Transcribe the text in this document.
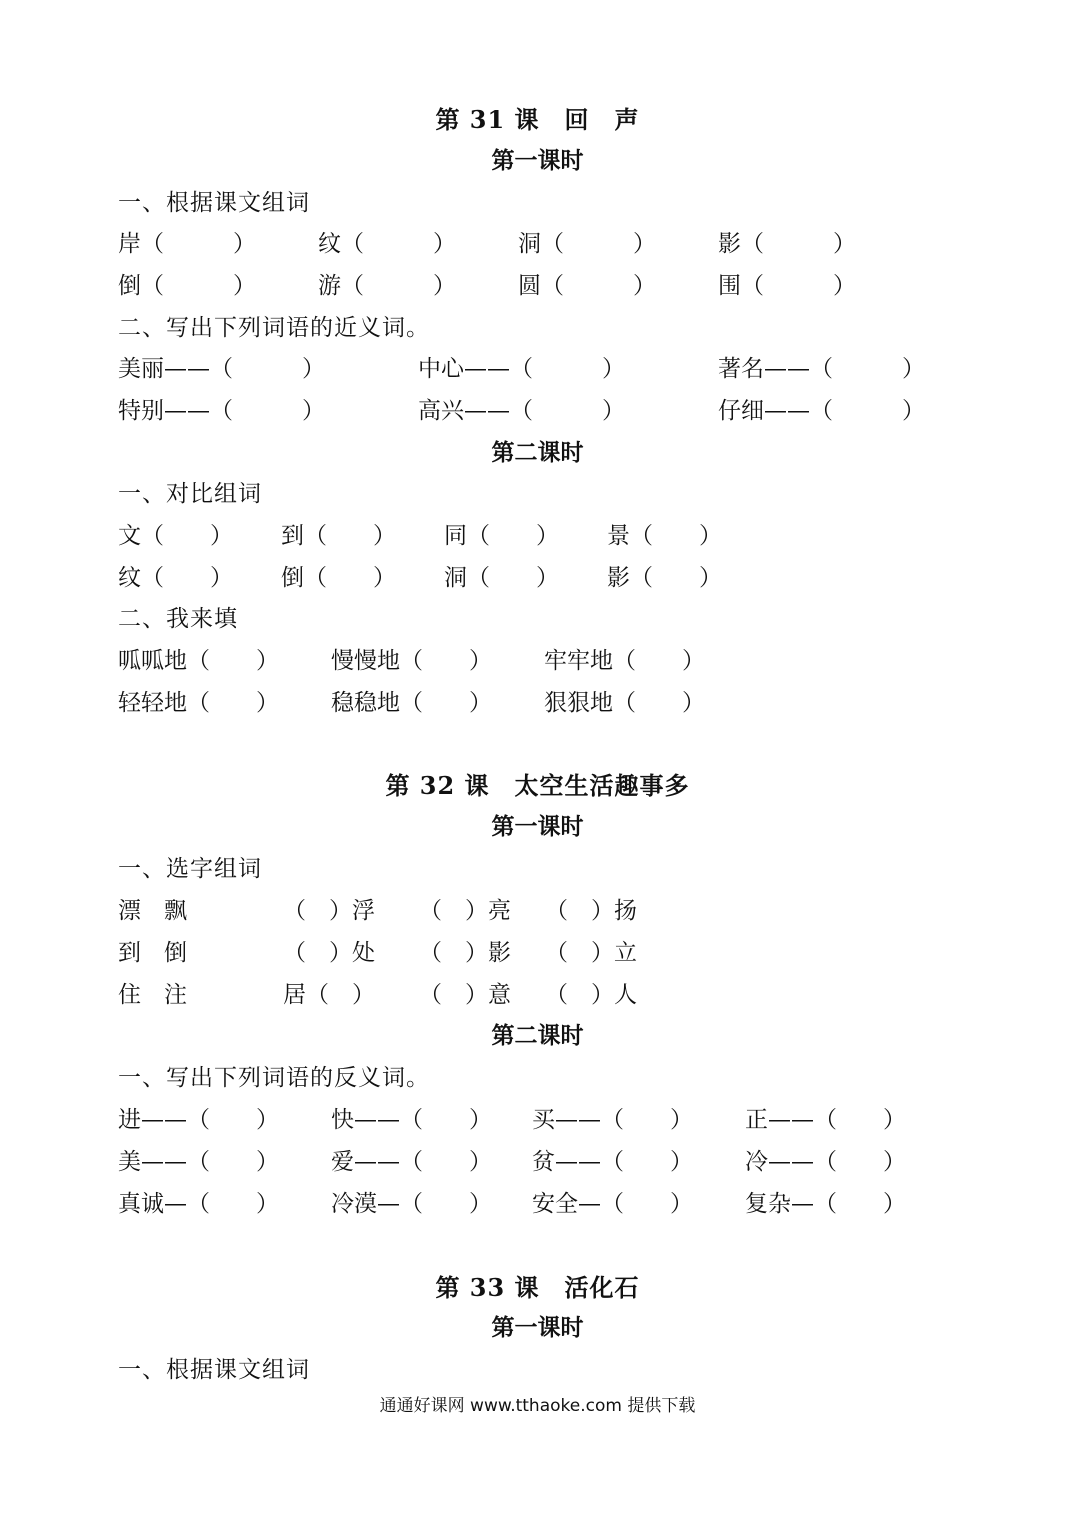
第 31 课　回　声
第一课时
一、根据课文组词
岸（　　　）	纹（　　　）	洞（　　　）	影（　　　）
倒（　　　）	游（　　　）	圆（　　　）	围（　　　）
二、写出下列词语的近义词。
美丽——（　　　）	中心——（　　　）	著名——（　　　）
特别——（　　　）	高兴——（　　　）	仔细——（　　　）
第二课时
一、对比组词
文（　　） 到（　　） 同（　　） 景（　　）
纹（　　） 倒（　　） 洞（　　） 影（　　）
二、我来填
呱呱地（　　） 慢慢地（　　） 牢牢地（　　）
轻轻地（　　） 稳稳地（　　） 狠狠地（　　）
第 32 课　太空生活趣事多
第一课时
一、选字组词
漂　飘	（　）浮 （　）亮 （　）扬
到　倒	（　）处 （　）影 （　）立
住　注	居（　） （　）意 （　）人
第二课时
一、写出下列词语的反义词。
进——（　　） 快——（　　） 买——（　　） 正——（　　）
美——（　　） 爱——（　　） 贫——（　　） 冷——（　　）
真诚—（　　） 冷漠—（　　） 安全—（　　） 复杂—（　　）
第 33 课　活化石
第一课时
一、根据课文组词
通通好课网 www.tthaoke.com 提供下载
